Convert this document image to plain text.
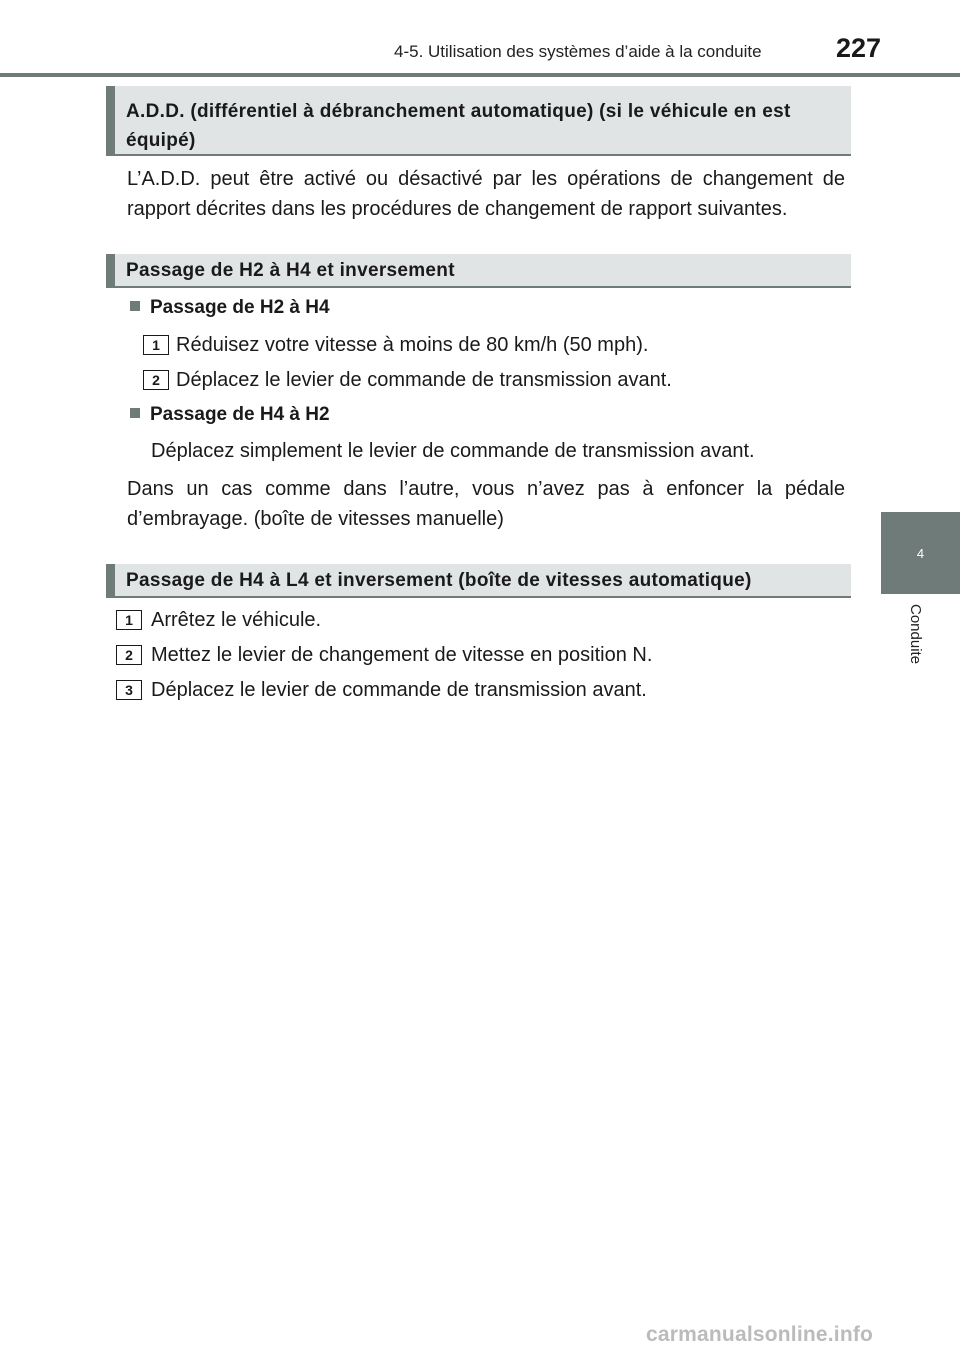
4-5. Utilisation des systèmes d’aide à la conduite	227
4
Conduite
A.D.D. (différentiel à débranchement automatique) (si le véhicule en est équipé)
L’A.D.D. peut être activé ou désactivé par les opérations de changement de rapport décrites dans les procédures de changement de rapport suivantes.
Passage de H2 à H4 et inversement
Passage de H2 à H4
1 Réduisez votre vitesse à moins de 80 km/h (50 mph).
2 Déplacez le levier de commande de transmission avant.
Passage de H4 à H2
Déplacez simplement le levier de commande de transmission avant.
Dans un cas comme dans l’autre, vous n’avez pas à enfoncer la pédale d’embrayage. (boîte de vitesses manuelle)
Passage de H4 à L4 et inversement (boîte de vitesses automatique)
1 Arrêtez le véhicule.
2 Mettez le levier de changement de vitesse en position N.
3 Déplacez le levier de commande de transmission avant.
carmanualsonline.info
